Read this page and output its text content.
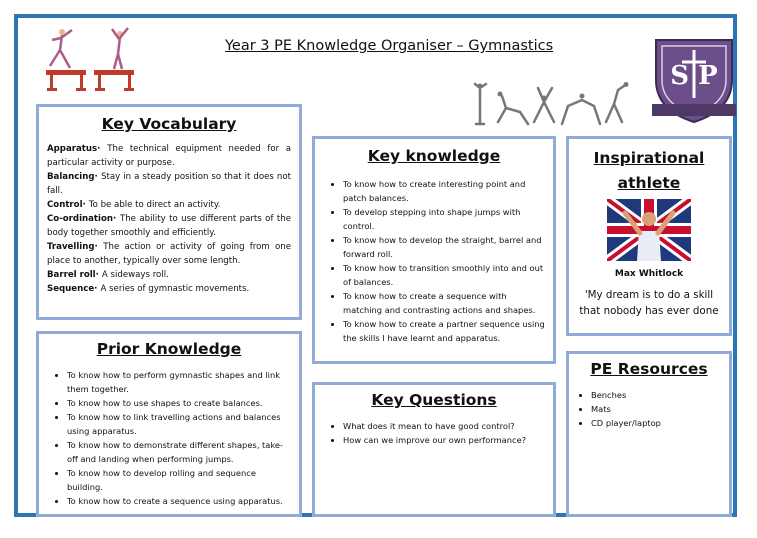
Year 3 PE Knowledge Organiser – Gymnastics
S P
Key Vocabulary

Apparatus· The technical equipment needed for a particular activity or purpose.

Balancing· Stay in a steady position so that it does not fall.

Control· To be able to direct an activity.

Co-ordination· The ability to use different parts of the body together smoothly and efficiently.

Travelling· The action or activity of going from one place to another, typically over some length.

Barrel roll· A sideways roll.

Sequence· A series of gymnastic movements.

Key knowledge
• To know how to create interesting point and patch balances.
• To develop stepping into shape jumps with control.
• To know how to develop the straight, barrel and forward roll.
• To know how to transition smoothly into and out of balances.
• To know how to create a sequence with matching and contrasting actions and shapes.
• To know how to create a partner sequence using the skills I have learnt and apparatus.
Inspirational
athlete
Max Whitlock
'My dream is to do a skill that nobody has ever done
Prior Knowledge
• To know how to perform gymnastic shapes and link them together.
• To know how to use shapes to create balances.
• To know how to link travelling actions and balances using apparatus.
• To know how to demonstrate different shapes, take-off and landing when performing jumps.
• To know how to develop rolling and sequence building.
• To know how to create a sequence using apparatus.
Key Questions
• What does it mean to have good control?
• How can we improve our own performance?
PE Resources
• Benches
• Mats
• CD player/laptop
